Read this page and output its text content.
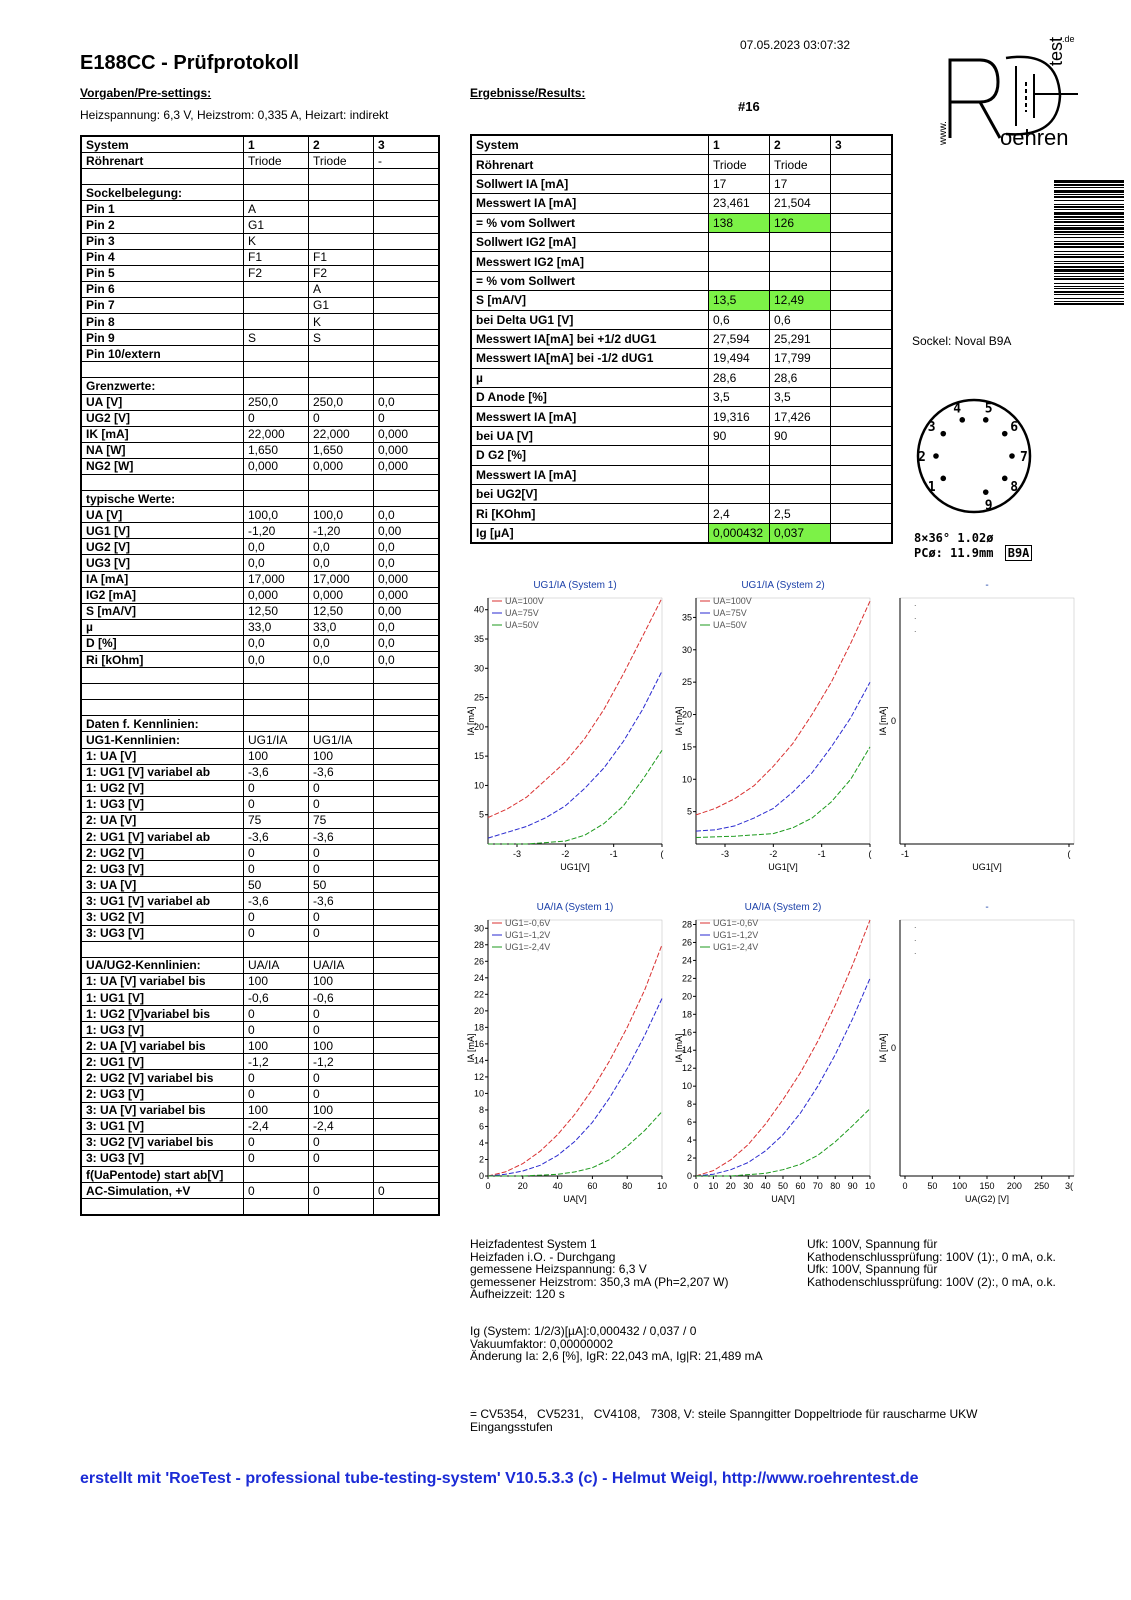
E188CC - Prüfprotokoll
07.05.2023 03:07:32
Vorgaben/Pre-settings:
Heizspannung: 6,3 V, Heizstrom: 0,335 A, Heizart: indirekt
Ergebnisse/Results:
#16
oehren
test
.de
www.
System	1	2	3
Röhrenart	Triode	Triode	-

Sockelbelegung:			
Pin 1	A		
Pin 2	G1		
Pin 3	K		
Pin 4	F1	F1	
Pin 5	F2	F2	
Pin 6		A	
Pin 7		G1	
Pin 8		K	
Pin 9	S	S	
Pin 10/extern			

Grenzwerte:			
UA [V]	250,0	250,0	0,0
UG2 [V]	0	0	0
IK [mA]	22,000	22,000	0,000
NA [W]	1,650	1,650	0,000
NG2 [W]	0,000	0,000	0,000

typische Werte:			
UA [V]	100,0	100,0	0,0
UG1 [V]	-1,20	-1,20	0,00
UG2 [V]	0,0	0,0	0,0
UG3 [V]	0,0	0,0	0,0
IA [mA]	17,000	17,000	0,000
IG2 [mA]	0,000	0,000	0,000
S [mA/V]	12,50	12,50	0,00
µ	33,0	33,0	0,0
D [%]	0,0	0,0	0,0
Ri [kOhm]	0,0	0,0	0,0

Daten f. Kennlinien:			
UG1-Kennlinien:	UG1/IA	UG1/IA	
1: UA [V]	100	100	
1: UG1 [V] variabel ab	-3,6	-3,6	
1: UG2 [V]	0	0	
1: UG3 [V]	0	0	
2: UA [V]	75	75	
2: UG1 [V] variabel ab	-3,6	-3,6	
2: UG2 [V]	0	0	
2: UG3 [V]	0	0	
3: UA [V]	50	50	
3: UG1 [V] variabel ab	-3,6	-3,6	
3: UG2 [V]	0	0	
3: UG3 [V]	0	0	

UA/UG2-Kennlinien:	UA/IA	UA/IA	
1: UA [V] variabel bis	100	100	
1: UG1 [V]	-0,6	-0,6	
1: UG2 [V]variabel bis	0	0	
1: UG3 [V]	0	0	
2: UA [V] variabel bis	100	100	
2: UG1 [V]	-1,2	-1,2	
2: UG2 [V] variabel bis	0	0	
2: UG3 [V]	0	0	
3: UA [V] variabel bis	100	100	
3: UG1 [V]	-2,4	-2,4	
3: UG2 [V] variabel bis	0	0	
3: UG3 [V]	0	0	
f(UaPentode) start ab[V]			
AC-Simulation, +V	0	0	0

System	1	2	3
Röhrenart	Triode	Triode	
Sollwert IA [mA]	17	17	
Messwert IA [mA]	23,461	21,504	
= % vom Sollwert	138	126	
Sollwert IG2 [mA]			
Messwert IG2 [mA]			
= % vom Sollwert			
S [mA/V]	13,5	12,49	
bei Delta UG1 [V]	0,6	0,6	
Messwert IA[mA] bei +1/2 dUG1	27,594	25,291	
Messwert IA[mA] bei -1/2 dUG1	19,494	17,799	
µ	28,6	28,6	
D Anode [%]	3,5	3,5	
Messwert IA [mA]	19,316	17,426	
bei UA [V]	90	90	
D G2 [%]			
Messwert IA [mA]			
bei UG2[V]			
Ri [KOhm]	2,4	2,5	
Ig [µA]	0,000432	0,037	
Sockel: Noval B9A
1
2
3
4 5
6
7
8
9
8×36° 1.02ø
PCø: 11.9mm B9A
UG1/IA (System 1)
IA [mA]
UG1[V]
-3	-2	-1	(
5
10
15
20
25
30
35
40
UA=100V
UA=75V
UA=50V
UG1/IA (System 2)
IA [mA]
UG1[V]
-3	-2	-1	(
5
10
15
20
25
30
35
UA=100V
UA=75V
UA=50V
-
IA [mA]
UG1[V]
-1	(
0
.
.
.
UA/IA (System 1)
IA [mA]
UA[V]
0	20	40	60	80	10
0
2
4
6
8
10
12
14
16
18
20
22
24
26
28
30
UG1=-0,6V
UG1=-1,2V
UG1=-2,4V
UA/IA (System 2)
IA [mA]
UA[V]
0 10 20 30 40 50 60 70 80 90 10
0
2
4
6
8
10
12
14
16
18
20
22
24
26
28 UG1=-0,6V
UG1=-1,2V
UG1=-2,4V
-
IA [mA]
UA(G2) [V]
0 50 100 150 200 250 3(
0
.
.
.
Heizfadentest System 1
Heizfaden i.O. - Durchgang
gemessene Heizspannung: 6,3 V
gemessener Heizstrom: 350,3 mA (Ph=2,207 W)
Aufheizzeit: 120 s
Ufk: 100V, Spannung für
Kathodenschlussprüfung: 100V (1):, 0 mA, o.k.
Ufk: 100V, Spannung für
Kathodenschlussprüfung: 100V (2):, 0 mA, o.k.
Ig (System: 1/2/3)[µA]:0,000432 / 0,037 / 0
Vakuumfaktor: 0,00000002
Änderung Ia: 2,6 [%], IgR: 22,043 mA, Ig|R: 21,489 mA
= CV5354,   CV5231,   CV4108,   7308, V: steile Spanngitter Doppeltriode für rauscharme UKW
Eingangsstufen
erstellt mit 'RoeTest - professional tube-testing-system' V10.5.3.3 (c) - Helmut Weigl, http://www.roehrentest.de
